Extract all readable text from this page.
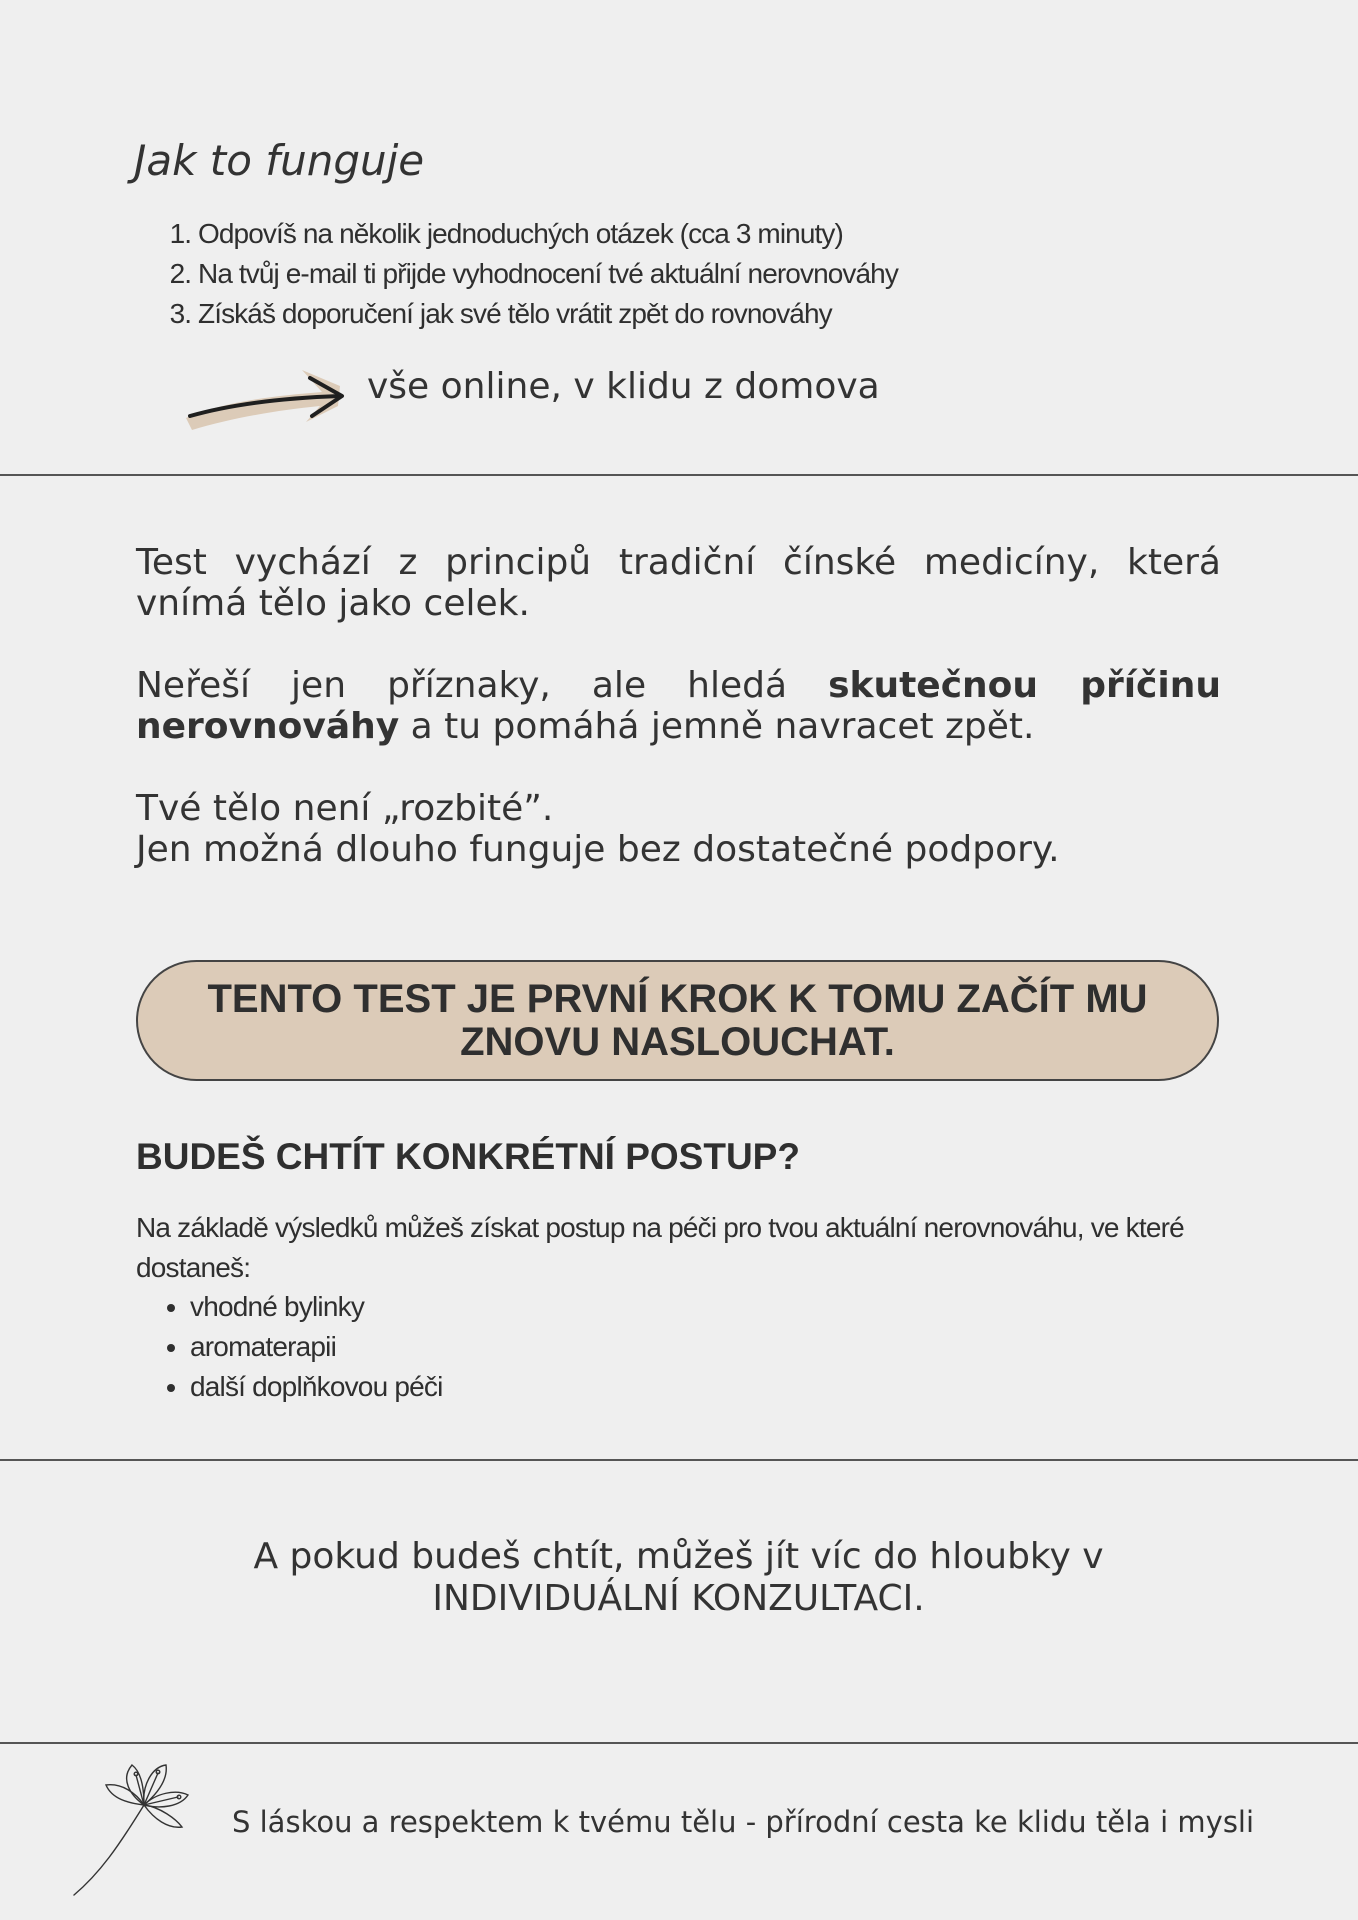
Jak to funguje
1. Odpovíš na několik jednoduchých otázek (cca 3 minuty)
2. Na tvůj e-mail ti přijde vyhodnocení tvé aktuální nerovnováhy
3. Získáš doporučení jak své tělo vrátit zpět do rovnováhy
vše online, v klidu z domova

Test vychází z principů tradiční čínské medicíny, která vnímá tělo jako celek.

Neřeší jen příznaky, ale hledá skutečnou příčinu nerovnováhy a tu pomáhá jemně navracet zpět.

Tvé tělo není „rozbité”.
Jen možná dlouho funguje bez dostatečné podpory.

TENTO TEST JE PRVNÍ KROK K TOMU ZAČÍT MU ZNOVU NASLOUCHAT.
BUDEŠ CHTÍT KONKRÉTNÍ POSTUP?

Na základě výsledků můžeš získat postup na péči pro tvou aktuální nerovnováhu, ve které dostaneš:

• vhodné bylinky
• aromaterapii
• další doplňkovou péči

A pokud budeš chtít, můžeš jít víc do hloubky v
INDIVIDUÁLNÍ KONZULTACI.

S láskou a respektem k tvému tělu - přírodní cesta ke klidu těla i mysli
